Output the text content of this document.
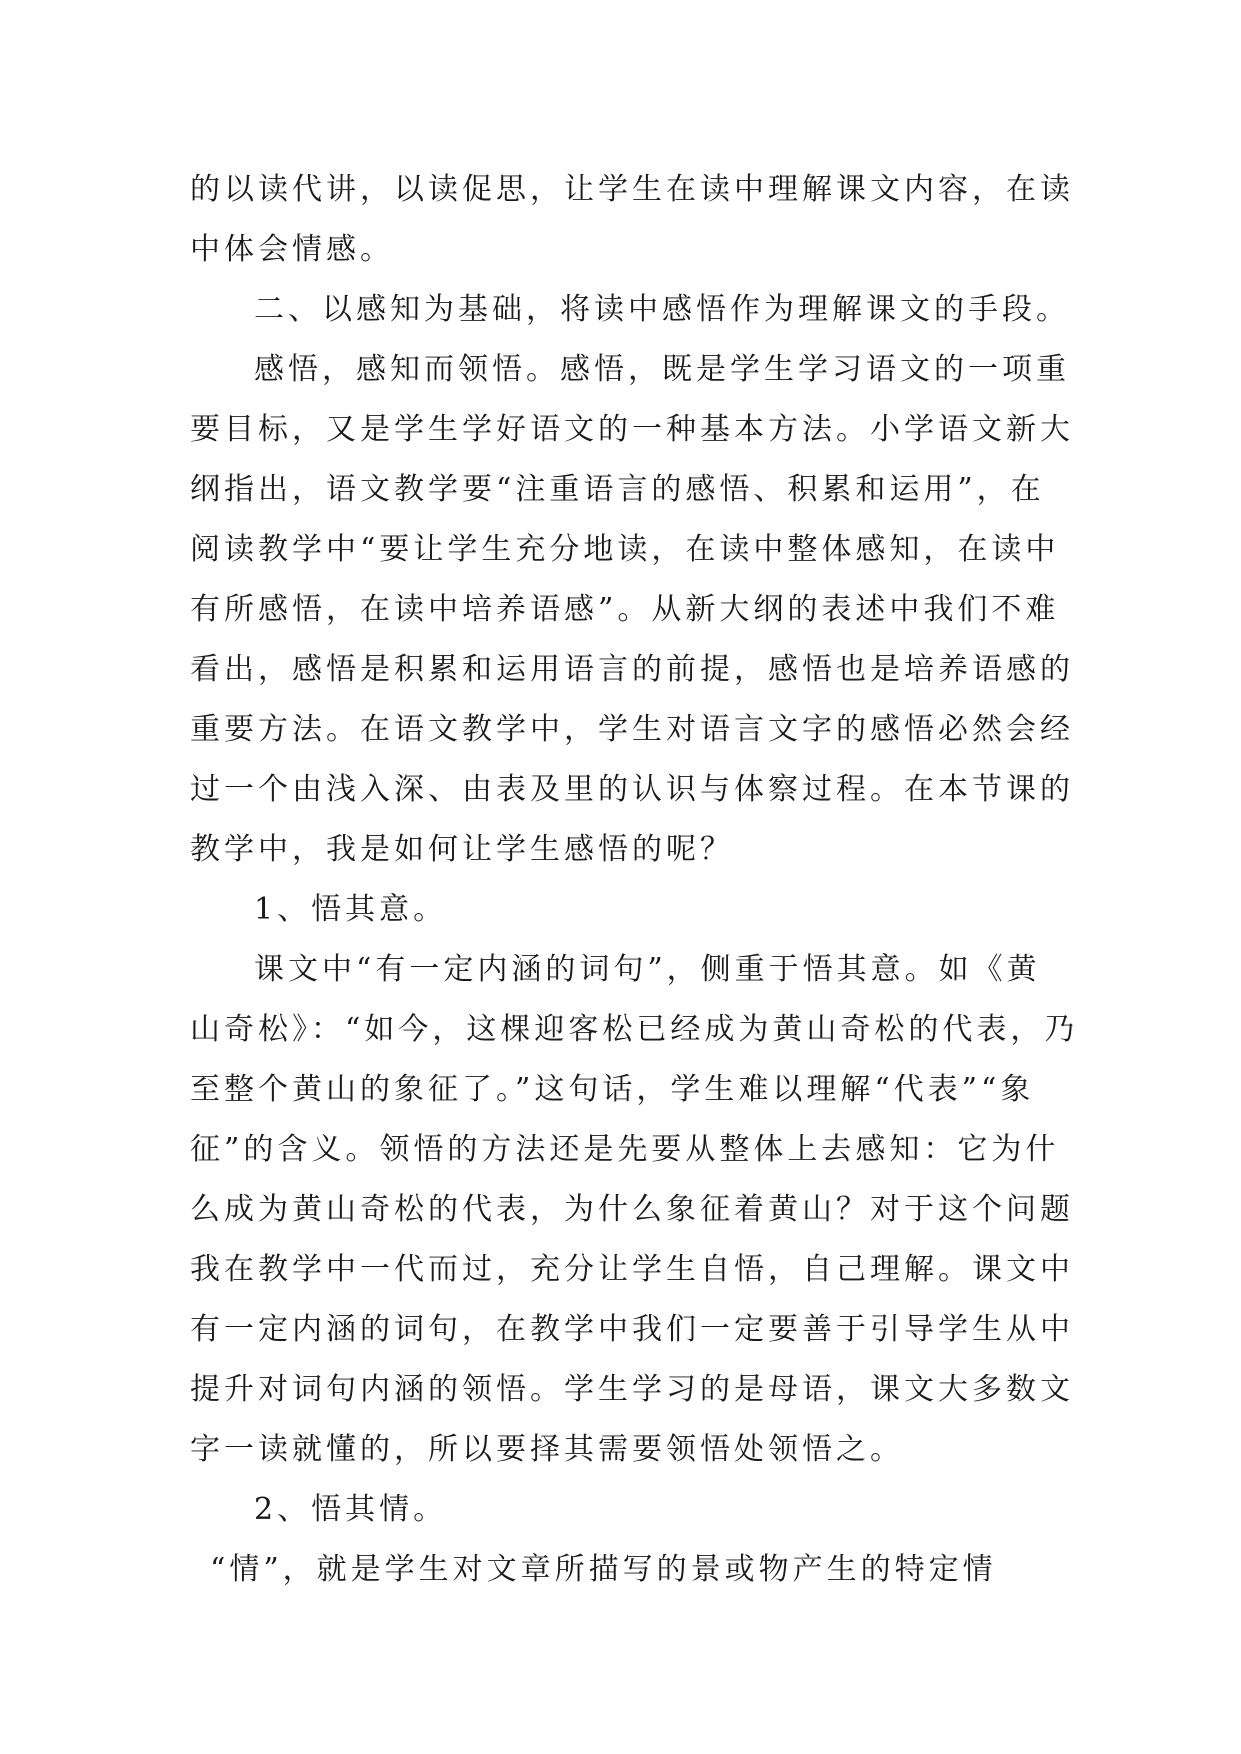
的以读代讲，以读促思，让学生在读中理解课文内容，在读
中体会情感。
二、以感知为基础，将读中感悟作为理解课文的手段。
感悟，感知而领悟。感悟，既是学生学习语文的一项重
要目标，又是学生学好语文的一种基本方法。小学语文新大
纲指出，语文教学要“注重语言的感悟、积累和运用”，在
阅读教学中“要让学生充分地读，在读中整体感知，在读中
有所感悟，在读中培养语感”。从新大纲的表述中我们不难
看出，感悟是积累和运用语言的前提，感悟也是培养语感的
重要方法。在语文教学中，学生对语言文字的感悟必然会经
过一个由浅入深、由表及里的认识与体察过程。在本节课的
教学中，我是如何让学生感悟的呢？
1、悟其意。
课文中“有一定内涵的词句”，侧重于悟其意。如《黄
山奇松》：“如今，这棵迎客松已经成为黄山奇松的代表，乃
至整个黄山的象征了。”这句话，学生难以理解“代表”“象
征”的含义。领悟的方法还是先要从整体上去感知：它为什
么成为黄山奇松的代表，为什么象征着黄山？对于这个问题
我在教学中一代而过，充分让学生自悟，自己理解。课文中
有一定内涵的词句，在教学中我们一定要善于引导学生从中
提升对词句内涵的领悟。学生学习的是母语，课文大多数文
字一读就懂的，所以要择其需要领悟处领悟之。
2、悟其情。
“情”，就是学生对文章所描写的景或物产生的特定情
